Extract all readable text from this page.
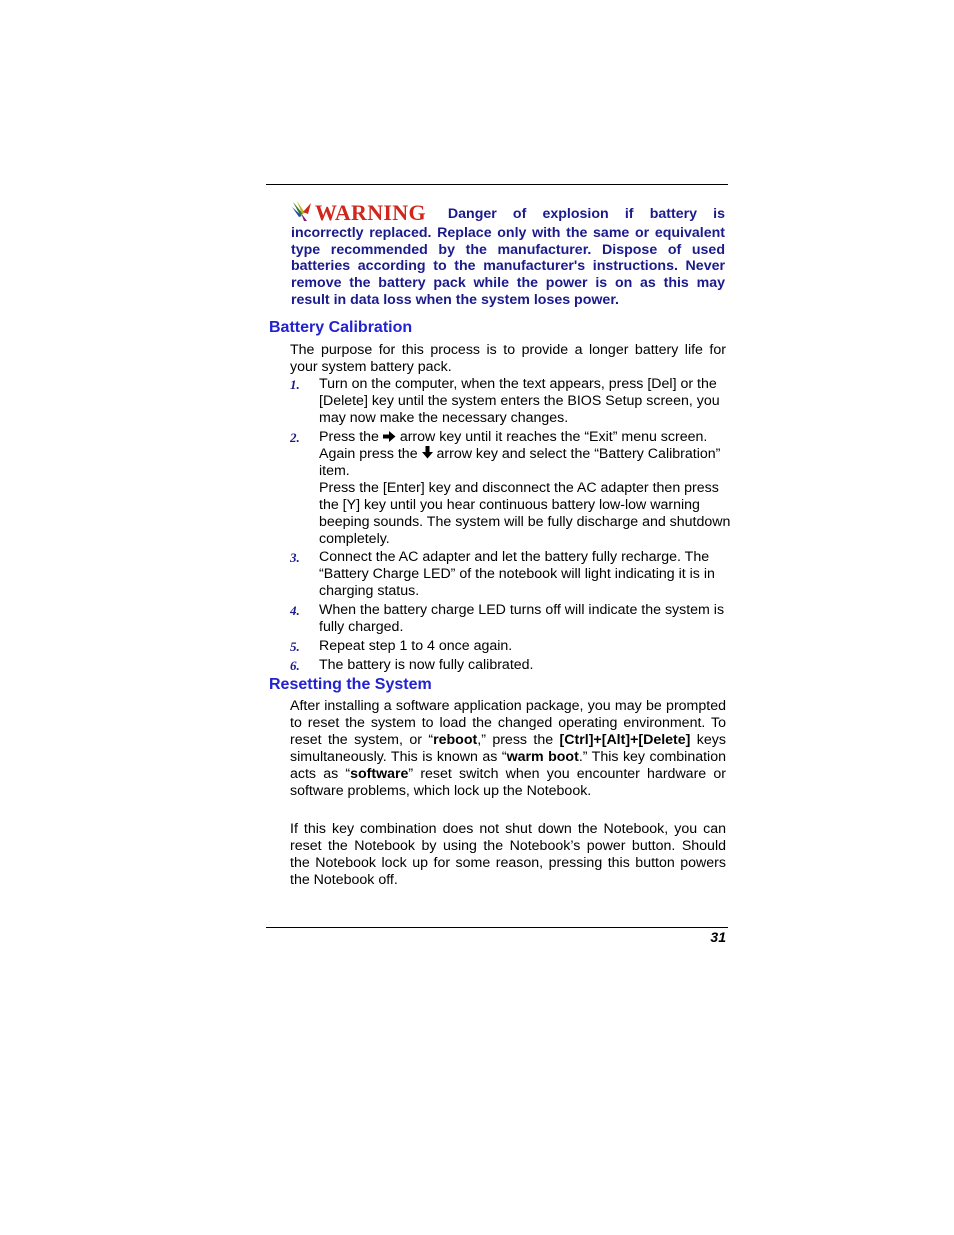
WARNING Danger of explosion if battery is incorrectly replaced. Replace only with the same or equivalent type recommended by the manufacturer. Dispose of used batteries according to the manufacturer's instructions. Never remove the battery pack while the power is on as this may result in data loss when the system loses power.
Battery Calibration

The purpose for this process is to provide a longer battery life for your system battery pack.

1. Turn on the computer, when the text appears, press [Del] or the [Delete] key until the system enters the BIOS Setup screen, you may now make the necessary changes.
2. Press the  arrow key until it reaches the “Exit” menu screen. Again press the  arrow key and select the “Battery Calibration” item.
Press the [Enter] key and disconnect the AC adapter then press the [Y] key until you hear continuous battery low-low warning beeping sounds. The system will be fully discharge and shutdown completely.
3. Connect the AC adapter and let the battery fully recharge. The “Battery Charge LED” of the notebook will light indicating it is in charging status.
4. When the battery charge LED turns off will indicate the system is fully charged.
5. Repeat step 1 to 4 once again.
6. The battery is now fully calibrated.
Resetting the System

After installing a software application package, you may be prompted to reset the system to load the changed operating environment. To reset the system, or “reboot,” press the [Ctrl]+[Alt]+[Delete] keys simultaneously. This is known as “warm boot.” This key combination acts as “software” reset switch when you encounter hardware or software problems, which lock up the Notebook.

If this key combination does not shut down the Notebook, you can reset the Notebook by using the Notebook’s power button. Should the Notebook lock up for some reason, pressing this button powers the Notebook off.

31
